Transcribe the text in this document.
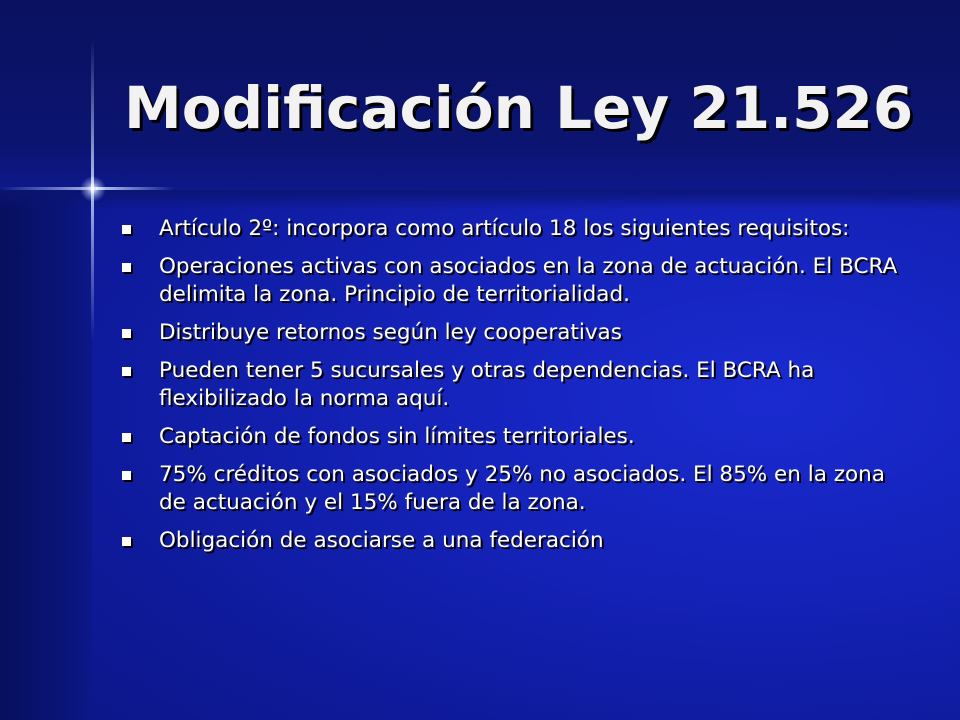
Modificación Ley 21.526
Artículo 2º: incorpora como artículo 18 los siguientes requisitos:
Operaciones activas con asociados en la zona de actuación. El BCRA delimita la zona. Principio de territorialidad.
Distribuye retornos según ley cooperativas
Pueden tener 5 sucursales y otras dependencias. El BCRA ha flexibilizado la norma aquí.
Captación de fondos sin límites territoriales.
75% créditos con asociados y 25% no asociados. El 85% en la zona de actuación y el 15% fuera de la zona.
Obligación de asociarse a una federación
